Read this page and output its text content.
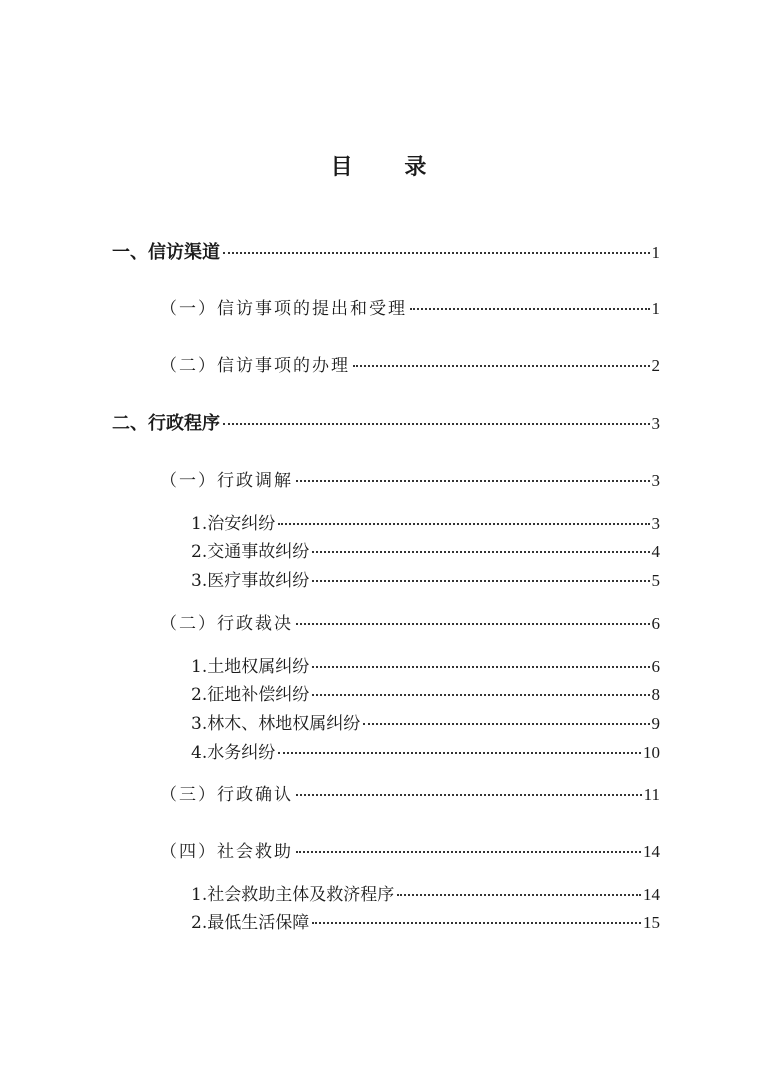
目 录
一、信访渠道	1
（一）信访事项的提出和受理	1
（二）信访事项的办理	2
二、行政程序	3
（一）行政调解	3
1.治安纠纷	3
2.交通事故纠纷	4
3.医疗事故纠纷	5
（二）行政裁决	6
1.土地权属纠纷	6
2.征地补偿纠纷	8
3.林木、林地权属纠纷	9
4.水务纠纷	10
（三）行政确认	11
（四）社会救助	14
1.社会救助主体及救济程序	14
2.最低生活保障	15
